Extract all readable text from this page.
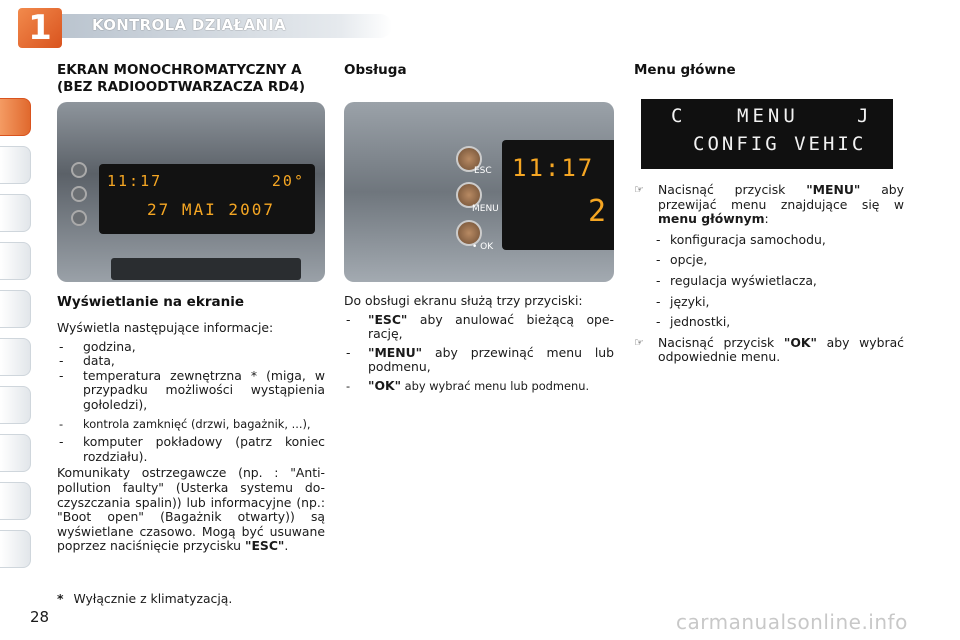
1	KONTROLA DZIAŁANIA
EKRAN MONOCHROMATYCZNY A
(BEZ RADIOODTWARZACZA RD4)
11:17	20°
27 MAI 2007
Wyświetlanie na ekranie
Wyświetla następujące informacje:
- godzina,
- data,
- temperatura zewnętrzna * (miga, w przypadku możliwości wystąpienia gołoledzi),
- kontrola zamknięć (drzwi, bagażnik, ...),
- komputer pokładowy (patrz koniec rozdziału).
Komunikaty ostrzegawcze (np. : "Anti-pollution faulty" (Usterka systemu do-czyszczania spalin)) lub informacyjne (np.: "Boot open" (Bagażnik otwarty)) są wyświetlane czasowo. Mogą być usuwane poprzez naciśnięcie przycisku "ESC".
* Wyłącznie z klimatyzacją.
Obsługa
ESC
MENU
• OK
11:17
2
Do obsługi ekranu służą trzy przyciski:
- "ESC" aby anulować bieżącą ope-rację,
- "MENU" aby przewinąć menu lub podmenu,
- "OK" aby wybrać menu lub podmenu.
Menu główne
C	MENU	J
CONFIG VEHIC
☞	Nacisnąć przycisk "MENU" aby przewijać menu znajdujące się w menu głównym:
- konfiguracja samochodu,
- opcje,
- regulacja wyświetlacza,
- języki,
- jednostki,
☞	Nacisnąć przycisk "OK" aby wybrać odpowiednie menu.
28	carmanualsonline.info
